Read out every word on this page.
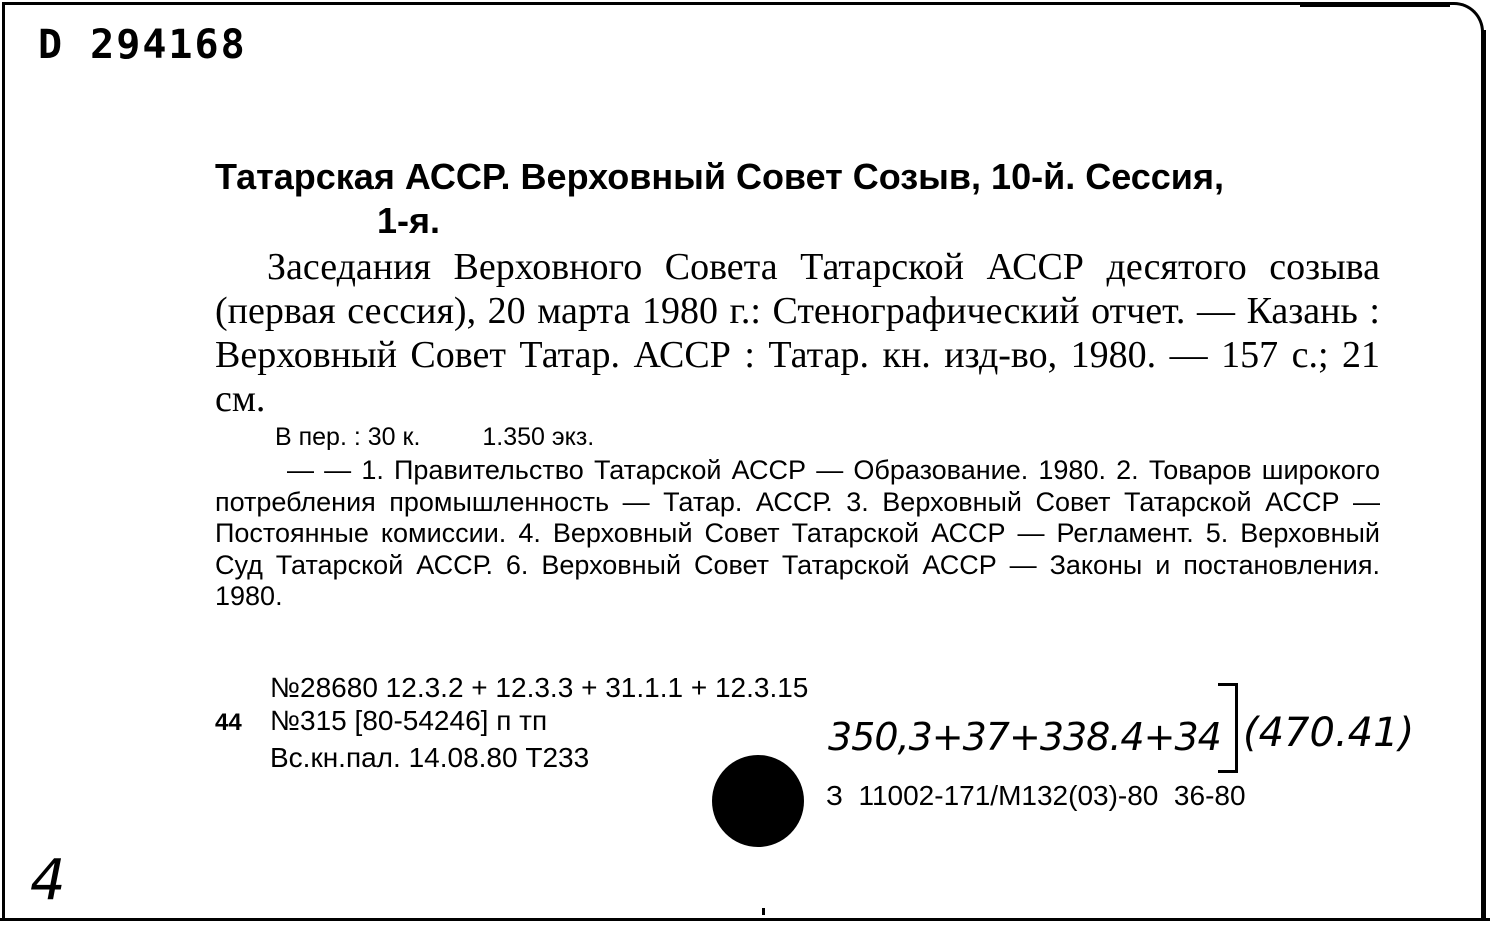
D 294168
Татарская АССР. Верховный Совет Созыв, 10-й. Сессия,
1-я.
Заседания Верховного Совета Татарской АССР десятого созыва (первая сессия), 20 марта 1980 г.: Стенографический отчет. — Казань : Верховный Совет Татар. АССР : Татар. кн. изд-во, 1980. — 157 с.; 21 см.
В пер. : 30 к. 1.350 экз.
— — 1. Правительство Татарской АССР — Образование. 1980. 2. Товаров широкого потребления промышленность — Татар. АССР. 3. Верховный Совет Татарской АССР — Постоянные комиссии. 4. Верховный Совет Татарской АССР — Регламент. 5. Верховный Суд Татарской АССР. 6. Верховный Совет Татарской АССР — Законы и постановления. 1980.
№28680 12.3.2 + 12.3.3 + 31.1.1 + 12.3.15
44 №315 [80-54246] п тп
Вс.кн.пал. 14.08.80 Т233	350,3+37+338.4+34 (470.41)
З  11002-171/М132(03)-80  36-80
4
